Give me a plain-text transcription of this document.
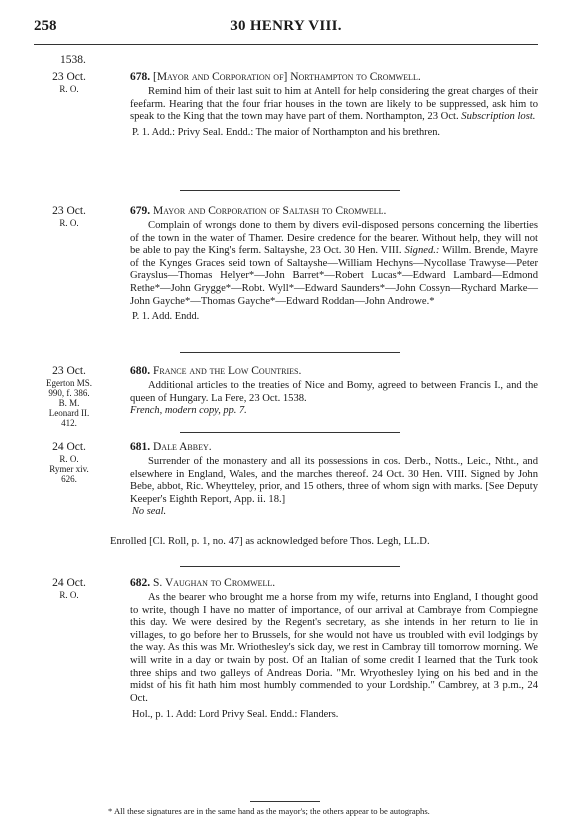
258	30 HENRY VIII.
1538.
23 Oct.
R. O.
678. [Mayor and Corporation of] Northampton to Cromwell.

Remind him of their last suit to him at Antell for help considering the great charges of their feefarm. Hearing that the four friar houses in the town are likely to be suppressed, ask him to speak to the King that the town may have part of them. Northampton, 23 Oct. Subscription lost.

P. 1. Add.: Privy Seal. Endd.: The maior of Northampton and his brethren.

23 Oct.
R. O.
679. Mayor and Corporation of Saltash to Cromwell.

Complain of wrongs done to them by divers evil-disposed persons concerning the liberties of the town in the water of Thamer. Desire credence for the bearer. Without help, they will not be able to pay the King's ferm. Saltayshe, 23 Oct. 30 Hen. VIII. Signed.: Willm. Brende, Mayre of the Kynges Graces seid town of Saltayshe—William Hechyns—Nycollase Trawyse—Peter Grayslus—Thomas Helyer*—John Barret*—Robert Lucas*—Edward Lambard—Edmond Rethe*—John Grygge*—Robt. Wyll*—Edward Saunders*—John Cossyn—Rychard Marke—John Gayche*—Thomas Gayche*—Edward Roddan—John Androwe.*

P. 1. Add. Endd.

23 Oct.
Egerton MS.
990, f. 386.
B. M.
Leonard II.
412.
680. France and the Low Countries.

Additional articles to the treaties of Nice and Bomy, agreed to between Francis I., and the queen of Hungary. La Fere, 23 Oct. 1538.

French, modern copy, pp. 7.

24 Oct.
R. O.
Rymer xiv.
626.
681. Dale Abbey.

Surrender of the monastery and all its possessions in cos. Derb., Notts., Leic., Ntht., and elsewhere in England, Wales, and the marches thereof. 24 Oct. 30 Hen. VIII. Signed by John Bebe, abbot, Ric. Wheytteley, prior, and 15 others, three of whom sign with marks. [See Deputy Keeper's Eighth Report, App. ii. 18.]

No seal.

Enrolled [Cl. Roll, p. 1, no. 47] as acknowledged before Thos. Legh, LL.D.
24 Oct.
R. O.
682. S. Vaughan to Cromwell.

As the bearer who brought me a horse from my wife, returns into England, I thought good to write, though I have no matter of importance, of our arrival at Cambraye from Compiegne this day. We were desired by the Regent's secretary, as she intends in her return to lie in villages, to go before her to Brussels, for she would not have us troubled with evil lodgings by the way. As this was Mr. Wriothesley's sick day, we rest in Cambray till tomorrow morning. We will write in a day or twain by post. Of an Italian of some credit I learned that the Turk took three ships and two galleys of Andreas Doria. "Mr. Wryothesley lying on his bed and in the midst of his fit hath him most humbly commended to your Lordship." Cambrey, at 3 p.m., 24 Oct.

Hol., p. 1. Add: Lord Privy Seal. Endd.: Flanders.

* All these signatures are in the same hand as the mayor's; the others appear to be autographs.
